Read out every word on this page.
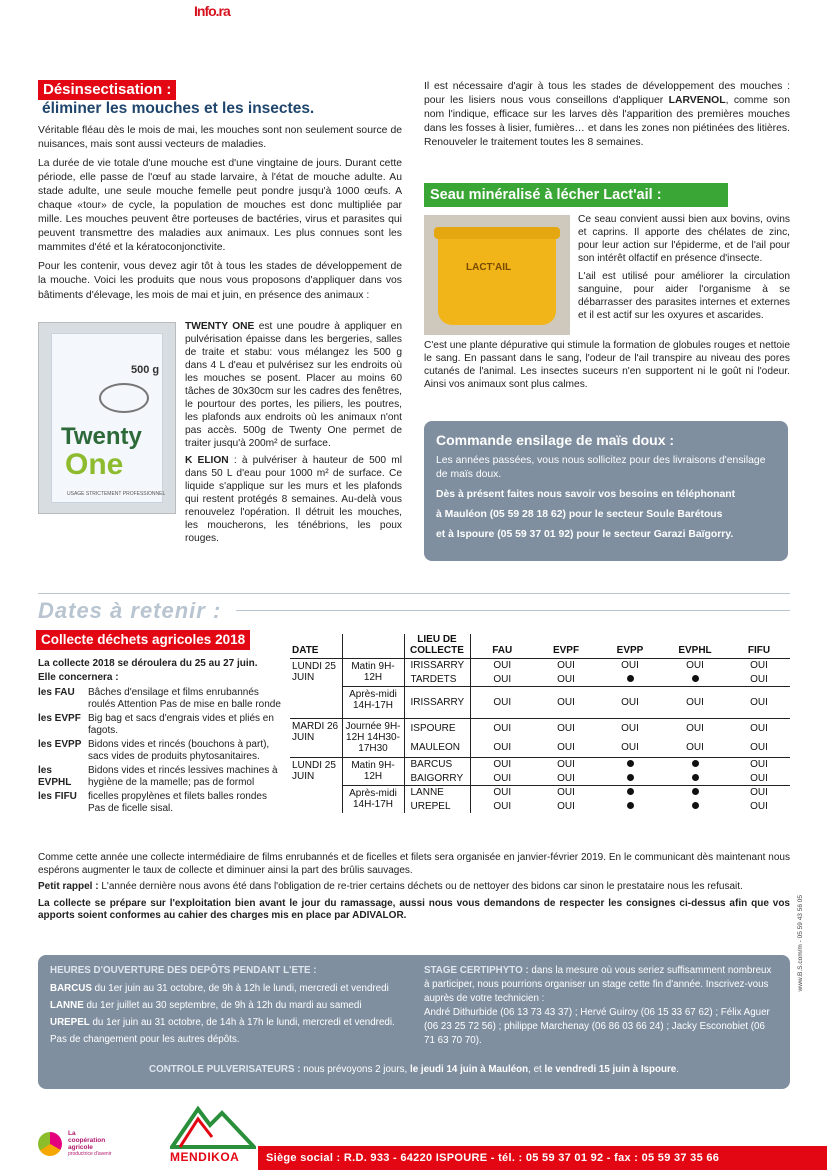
Info.ra
Désinsectisation :
éliminer les mouches et les insectes.

Véritable fléau dès le mois de mai, les mouches sont non seulement source de nuisances, mais sont aussi vecteurs de maladies.

La durée de vie totale d'une mouche est d'une vingtaine de jours. Durant cette période, elle passe de l'œuf au stade larvaire, à l'état de mouche adulte. Au stade adulte, une seule mouche femelle peut pondre jusqu'à 1000 œufs. A chaque «tour» de cycle, la population de mouches est donc multipliée par mille. Les mouches peuvent être porteuses de bactéries, virus et parasites qui peuvent transmettre des maladies aux animaux. Les plus connues sont les mammites d'été et la kératoconjonctivite.

Pour les contenir, vous devez agir tôt à tous les stades de développement de la mouche. Voici les produits que nous vous proposons d'appliquer dans vos bâtiments d'élevage, les mois de mai et juin, en présence des animaux :

500 g
Twenty
One
USAGE STRICTEMENT PROFESSIONNEL

TWENTY ONE est une poudre à appliquer en pulvérisation épaisse dans les bergeries, salles de traite et stabu: vous mélangez les 500 g dans 4 L d'eau et pulvérisez sur les endroits où les mouches se posent. Placer au moins 60 tâches de 30x30cm sur les cadres des fenêtres, le pourtour des portes, les piliers, les poutres, les plafonds aux endroits où les animaux n'ont pas accès. 500g de Twenty One permet de traiter jusqu'à 200m² de surface.

K ELION : à pulvériser à hauteur de 500 ml dans 50 L d'eau pour 1000 m² de surface. Ce liquide s'applique sur les murs et les plafonds qui restent protégés 8 semaines. Au-delà vous renouvelez l'opération. Il détruit les mouches, les moucherons, les ténébrions, les poux rouges.

Il est nécessaire d'agir à tous les stades de développement des mouches : pour les lisiers nous vous conseillons d'appliquer LARVENOL, comme son nom l'indique, efficace sur les larves dès l'apparition des premières mouches dans les fosses à lisier, fumières… et dans les zones non piétinées des litières. Renouveler le traitement toutes les 8 semaines.

Seau minéralisé à lécher Lact'ail :
LACT'AIL

Ce seau convient aussi bien aux bovins, ovins et caprins. Il apporte des chélates de zinc, pour leur action sur l'épiderme, et de l'ail pour son intérêt olfactif en présence d'insecte.

L'ail est utilisé pour améliorer la circulation sanguine, pour aider l'organisme à se débarrasser des parasites internes et externes et il est actif sur les oxyures et ascarides.

C'est une plante dépurative qui stimule la formation de globules rouges et nettoie le sang. En passant dans le sang, l'odeur de l'ail transpire au niveau des pores cutanés de l'animal. Les insectes suceurs n'en supportent ni le goût ni l'odeur. Ainsi vos animaux sont plus calmes.

Commande ensilage de maïs doux :

Les années passées, vous nous sollicitez pour des livraisons d'ensilage de maïs doux.

Dès à présent faites nous savoir vos besoins en téléphonant
à Mauléon (05 59 28 18 62) pour le secteur Soule Barétous
et à Ispoure (05 59 37 01 92) pour le secteur Garazi Baïgorry.
Dates à retenir :
Collecte déchets agricoles 2018
La collecte 2018 se déroulera du 25 au 27 juin.
Elle concernera :
les FAU	Bâches d'ensilage et films enrubannés roulés Attention Pas de mise en balle ronde
les EVPF	Big bag et sacs d'engrais vides et pliés en fagots.
les EVPP	Bidons vides et rincés (bouchons à part), sacs vides de produits phytosanitaires.
les EVPHL	Bidons vides et rincés lessives machines à hygiène de la mamelle; pas de formol
les FIFU	ficelles propylènes et filets balles rondes Pas de ficelle sisal.
DATE		LIEU DE COLLECTE	FAU	EVPF	EVPP	EVPHL	FIFU
LUNDI 25 JUIN	Matin 9H-12H	IRISSARRY	OUI	OUI	OUI	OUI	OUI
		TARDETS	OUI	OUI			OUI
	Après-midi 14H-17H	IRISSARRY	OUI	OUI	OUI	OUI	OUI
MARDI 26 JUIN	Journée 9H-12H 14H30-17H30	ISPOURE	OUI	OUI	OUI	OUI	OUI
		MAULEON	OUI	OUI	OUI	OUI	OUI
LUNDI 25 JUIN	Matin 9H-12H	BARCUS	OUI	OUI			OUI
		BAIGORRY	OUI	OUI			OUI
	Après-midi 14H-17H	LANNE	OUI	OUI			OUI
		UREPEL	OUI	OUI			OUI

Comme cette année une collecte intermédiaire de films enrubannés et de ficelles et filets sera organisée en janvier-février 2019. En le communicant dès maintenant nous espérons augmenter le taux de collecte et diminuer ainsi la part des brûlis sauvages.

Petit rappel : L'année dernière nous avons été dans l'obligation de re-trier certains déchets ou de nettoyer des bidons car sinon le prestataire nous les refusait.

La collecte se prépare sur l'exploitation bien avant le jour du ramassage, aussi nous vous demandons de respecter les consignes ci-dessus afin que vos apports soient conformes au cahier des charges mis en place par ADIVALOR.

HEURES D'OUVERTURE DES DEPÔTS PENDANT L'ETE :
BARCUS du 1er juin au 31 octobre, de 9h à 12h le lundi, mercredi et vendredi
LANNE du 1er juillet au 30 septembre, de 9h à 12h du mardi au samedi
UREPEL du 1er juin au 31 octobre, de 14h à 17h le lundi, mercredi et vendredi.
Pas de changement pour les autres dépôts.
STAGE CERTIPHYTO : dans la mesure où vous seriez suffisamment nombreux à participer, nous pourrions organiser un stage cette fin d'année. Inscrivez-vous auprès de votre technicien :
André Dithurbide (06 13 73 43 37) ; Hervé Guiroy (06 15 33 67 62) ; Félix Aguer (06 23 25 72 56) ; philippe Marchenay (06 86 03 66 24) ; Jacky Esconobiet (06 71 63 70 70).
CONTROLE PULVERISATEURS : nous prévoyons 2 jours, le jeudi 14 juin à Mauléon, et le vendredi 15 juin à Ispoure.
www.B.S.com/m - 05 59 43 56 05
La
coopération
agricole
productrice d'avenir	MENDIKOA	Siège social : R.D. 933 - 64220 ISPOURE - tél. : 05 59 37 01 92 - fax : 05 59 37 35 66
